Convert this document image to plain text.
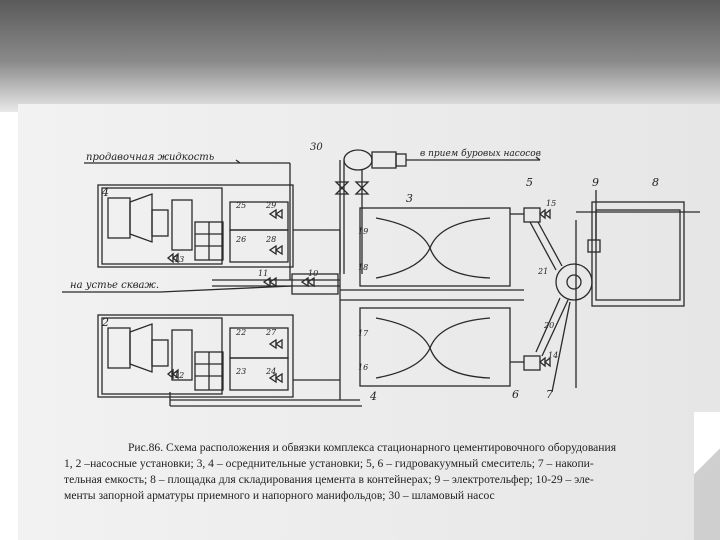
продавочная жидкость
4
25 29
26 28
13
на устье скваж.
11	10
2
22 27
23 24
12
30
в прием буровых насосов
3
19
18
4
17
16
5
15
21
20
6
14
7
8
9

Рис.86. Схема расположения и обвязки комплекса стационарного цементировочного оборудования

1, 2 –насосные установки; 3, 4 – осреднительные установки; 5, 6 – гидровакуумный смеситель; 7 – накопи-

тельная емкость; 8 – площадка для складирования цемента в контейнерах; 9 – электротельфер; 10-29 – эле-

менты запорной арматуры приемного и напорного манифольдов; 30 – шламовый насос
